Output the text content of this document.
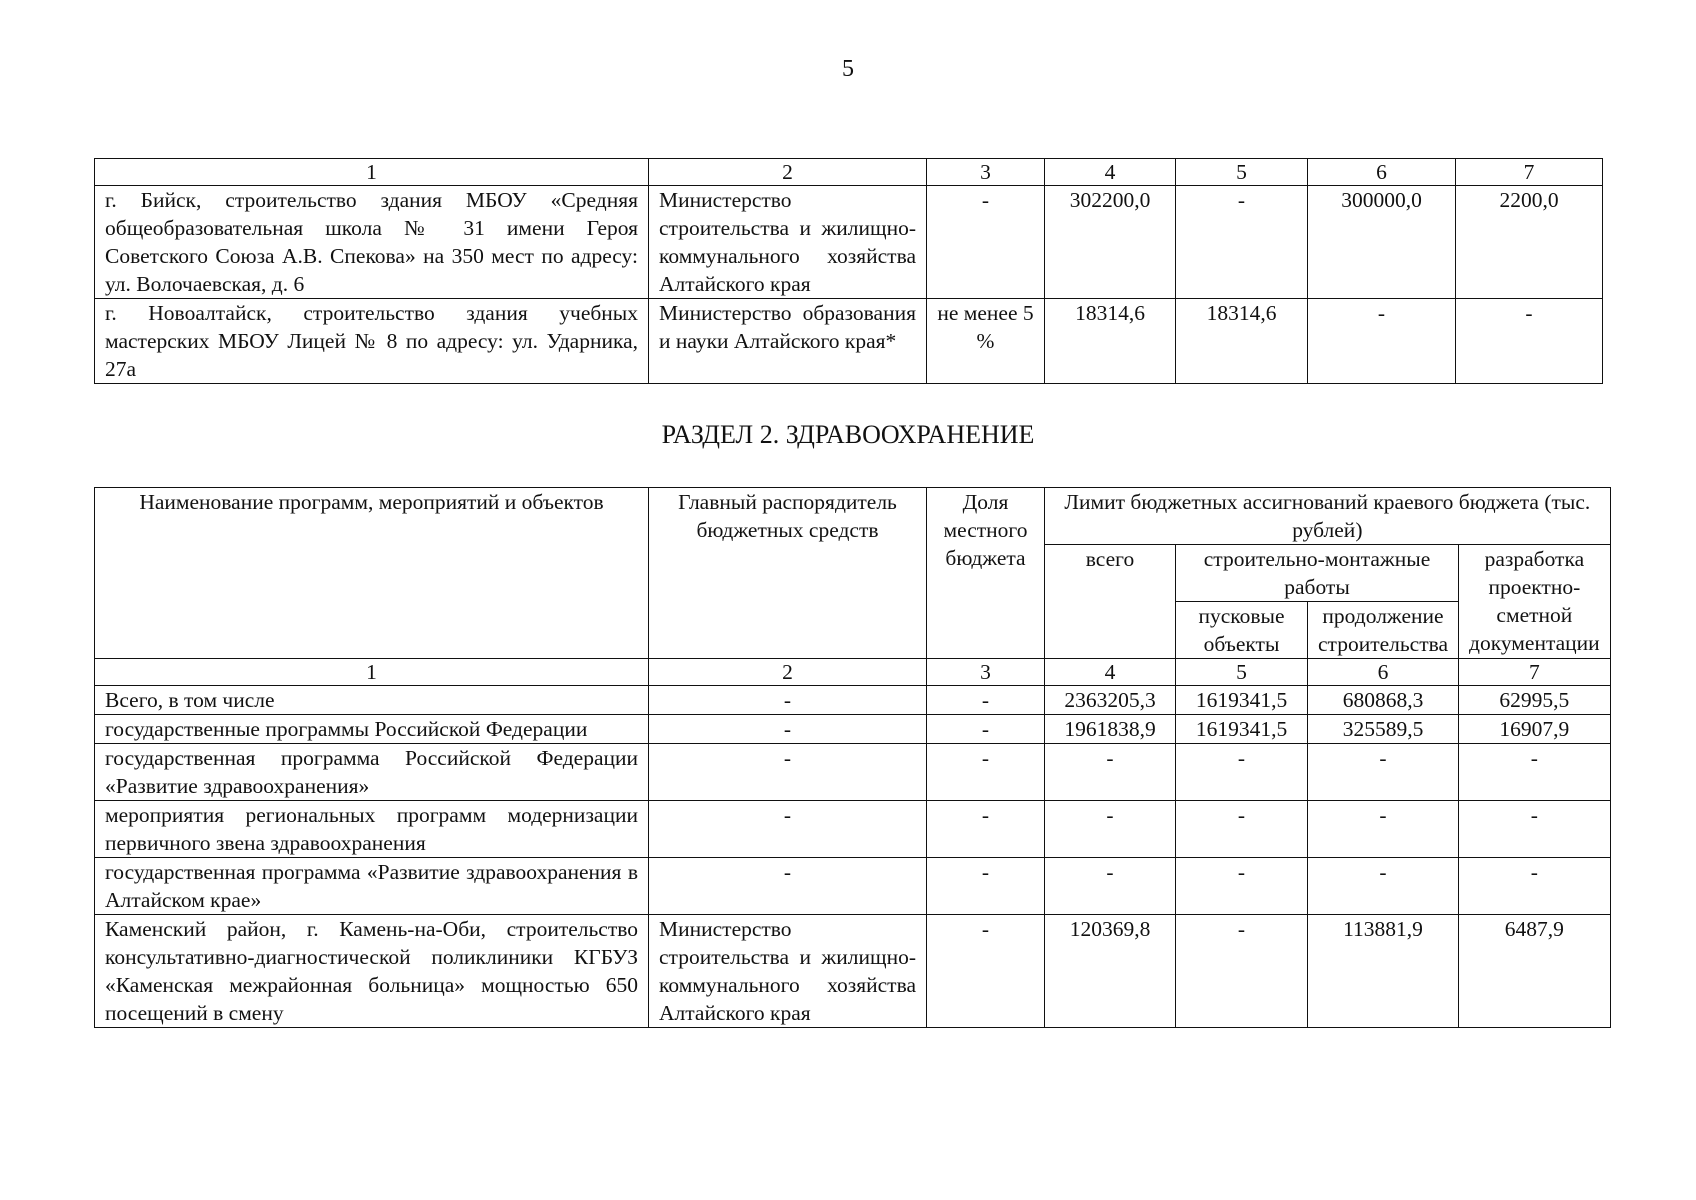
5
1	2	3	4	5	6	7
г. Бийск, строительство здания МБОУ «Средняя общеобразовательная школа № 31 имени Героя Советского Союза А.В. Спекова» на 350 мест по адресу: ул. Волочаевская, д. 6	Министерство строительства и жилищно-коммунального хозяйства Алтайского края	-	302200,0	-	300000,0	2200,0
г. Новоалтайск, строительство здания учебных мастерских МБОУ Лицей № 8 по адресу: ул. Ударника, 27а	Министерство образования и науки Алтайского края*	не менее 5 %	18314,6	18314,6	-	-
РАЗДЕЛ 2. ЗДРАВООХРАНЕНИЕ
Наименование программ, мероприятий и объектов	Главный распорядитель бюджетных средств	Доля местного бюджета	Лимит бюджетных ассигнований краевого бюджета (тыс. рублей)			
			всего	строительно-монтажные работы		разработка проектно-сметной документации
				пусковые объекты	продолжение строительства	
1	2	3	4	5	6	7
Всего, в том числе	-	-	2363205,3	1619341,5	680868,3	62995,5
государственные программы Российской Федерации	-	-	1961838,9	1619341,5	325589,5	16907,9
государственная программа Российской Федерации «Развитие здравоохранения»	-	-	-	-	-	-
мероприятия региональных программ модернизации первичного звена здравоохранения	-	-	-	-	-	-
государственная программа «Развитие здравоохранения в Алтайском крае»	-	-	-	-	-	-
Каменский район, г. Камень-на-Оби, строительство консультативно-диагностической поликлиники КГБУЗ «Каменская межрайонная больница» мощностью 650 посещений в смену	Министерство строительства и жилищно-коммунального хозяйства Алтайского края	-	120369,8	-	113881,9	6487,9
